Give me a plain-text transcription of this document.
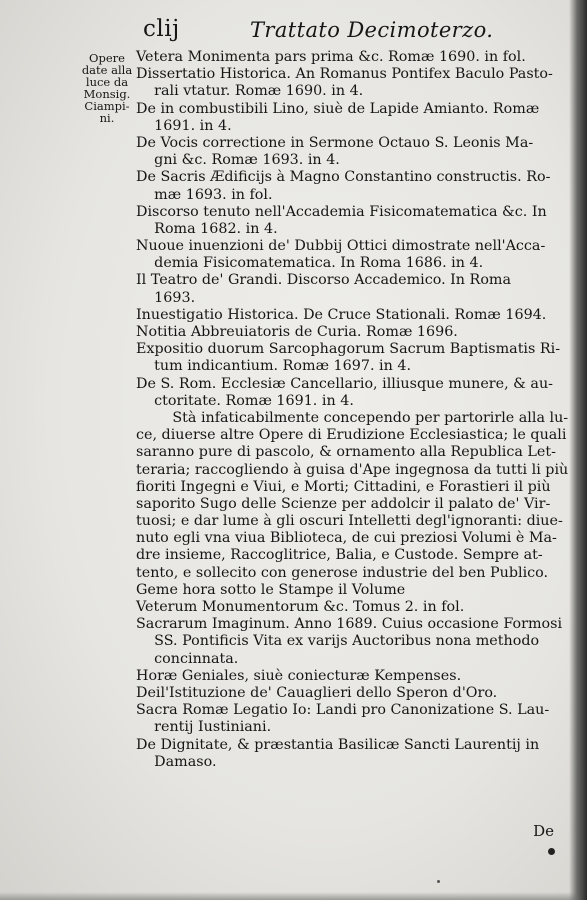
clij	Trattato Decimoterzo.
Opere
date alla
luce da
Monsig.
Ciampi-
ni.
Vetera Monimenta pars prima &c. Romæ 1690. in fol.
Dissertatio Historica. An Romanus Pontifex Baculo Pasto-
rali vtatur. Romæ 1690. in 4.
De in combustibili Lino, siuè de Lapide Amianto. Romæ
1691. in 4.
De Vocis correctione in Sermone Octauo S. Leonis Ma-
gni &c. Romæ 1693. in 4.
De Sacris Ædificijs à Magno Constantino constructis. Ro-
mæ 1693. in fol.
Discorso tenuto nell'Accademia Fisicomatematica &c. In
Roma 1682. in 4.
Nuoue inuenzioni de' Dubbij Ottici dimostrate nell'Acca-
demia Fisicomatematica. In Roma 1686. in 4.
Il Teatro de' Grandi. Discorso Accademico. In Roma
1693.
Inuestigatio Historica. De Cruce Stationali. Romæ 1694.
Notitia Abbreuiatoris de Curia. Romæ 1696.
Expositio duorum Sarcophagorum Sacrum Baptismatis Ri-
tum indicantium. Romæ 1697. in 4.
De S. Rom. Ecclesiæ Cancellario, illiusque munere, & au-
ctoritate. Romæ 1691. in 4.
Stà infaticabilmente concependo per partorirle alla lu-
ce, diuerse altre Opere di Erudizione Ecclesiastica; le quali
saranno pure di pascolo, & ornamento alla Republica Let-
teraria; raccogliendo à guisa d'Ape ingegnosa da tutti li più
fioriti Ingegni e Viui, e Morti; Cittadini, e Forastieri il più
saporito Sugo delle Scienze per addolcir il palato de' Vir-
tuosi; e dar lume à gli oscuri Intelletti degl'ignoranti: diue-
nuto egli vna viua Biblioteca, de cui preziosi Volumi è Ma-
dre insieme, Raccoglitrice, Balia, e Custode. Sempre at-
tento, e sollecito con generose industrie del ben Publico.
Geme hora sotto le Stampe il Volume
Veterum Monumentorum &c. Tomus 2. in fol.
Sacrarum Imaginum. Anno 1689. Cuius occasione Formosi
SS. Pontificis Vita ex varijs Auctoribus nona methodo
concinnata.
Horæ Geniales, siuè coniecturæ Kempenses.
Deil'Istituzione de' Cauaglieri dello Speron d'Oro.
Sacra Romæ Legatio Io: Landi pro Canonizatione S. Lau-
rentij Iustiniani.
De Dignitate, & præstantia Basilicæ Sancti Laurentij in
Damaso.
De
